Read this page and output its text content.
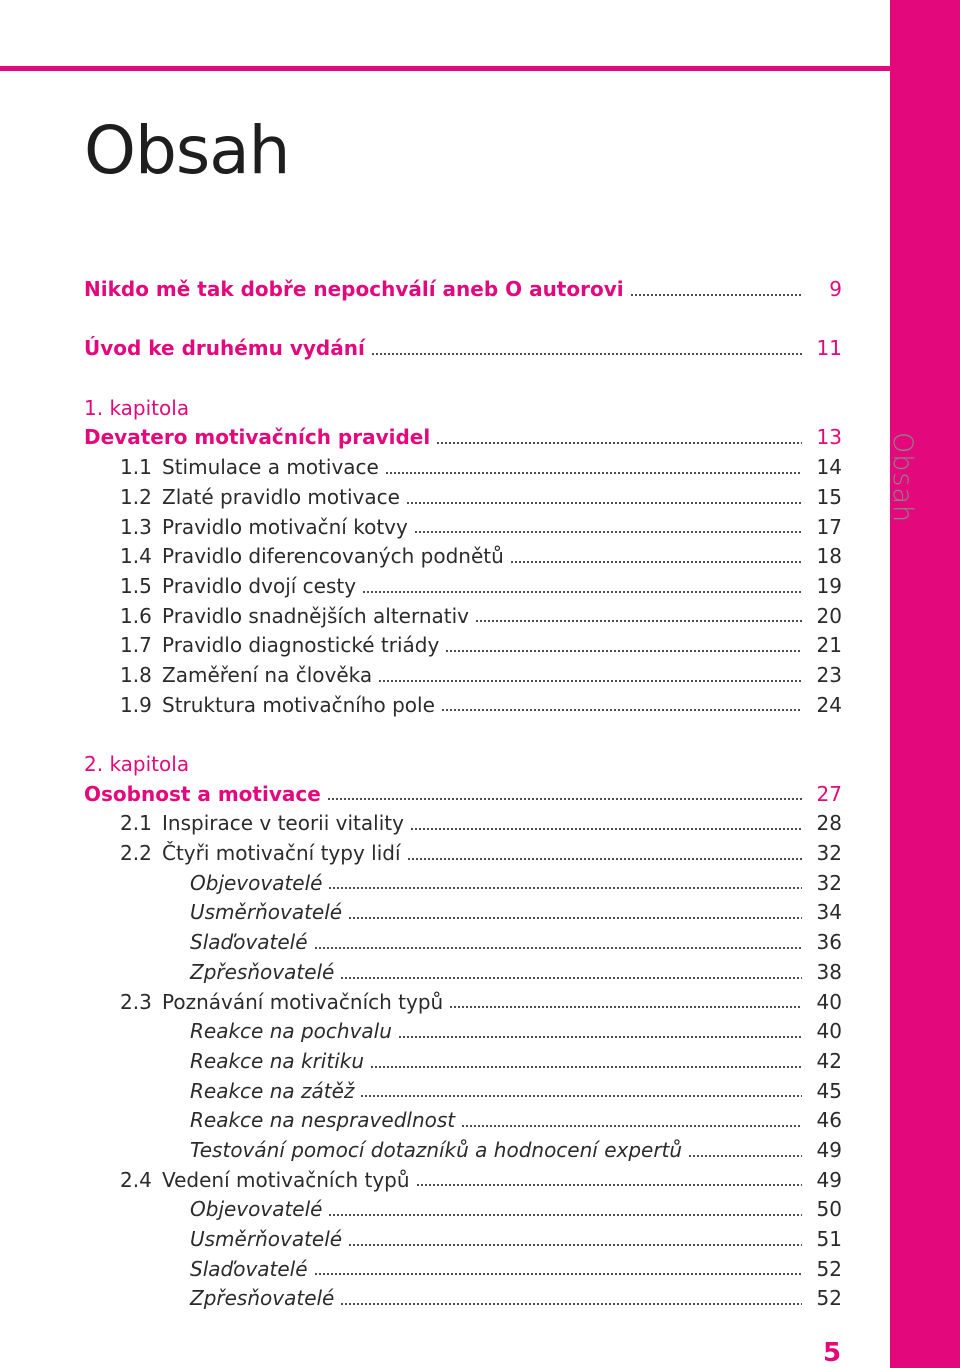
Obsah
Obsah
Nikdo mě tak dobře nepochválí aneb O autorovi	9
Úvod ke druhému vydání	11
1. kapitola
Devatero motivačních pravidel	13
1.1 Stimulace a motivace	14
1.2 Zlaté pravidlo motivace	15
1.3 Pravidlo motivační kotvy	17
1.4 Pravidlo diferencovaných podnětů	18
1.5 Pravidlo dvojí cesty	19
1.6 Pravidlo snadnějších alternativ	20
1.7 Pravidlo diagnostické triády	21
1.8 Zaměření na člověka	23
1.9 Struktura motivačního pole	24
2. kapitola
Osobnost a motivace	27
2.1 Inspirace v teorii vitality	28
2.2 Čtyři motivační typy lidí	32
Objevovatelé	32
Usměrňovatelé	34
Slaďovatelé	36
Zpřesňovatelé	38
2.3 Poznávání motivačních typů	40
Reakce na pochvalu	40
Reakce na kritiku	42
Reakce na zátěž	45
Reakce na nespravedlnost	46
Testování pomocí dotazníků a hodnocení expertů	49
2.4 Vedení motivačních typů	49
Objevovatelé	50
Usměrňovatelé	51
Slaďovatelé	52
Zpřesňovatelé	52
5
